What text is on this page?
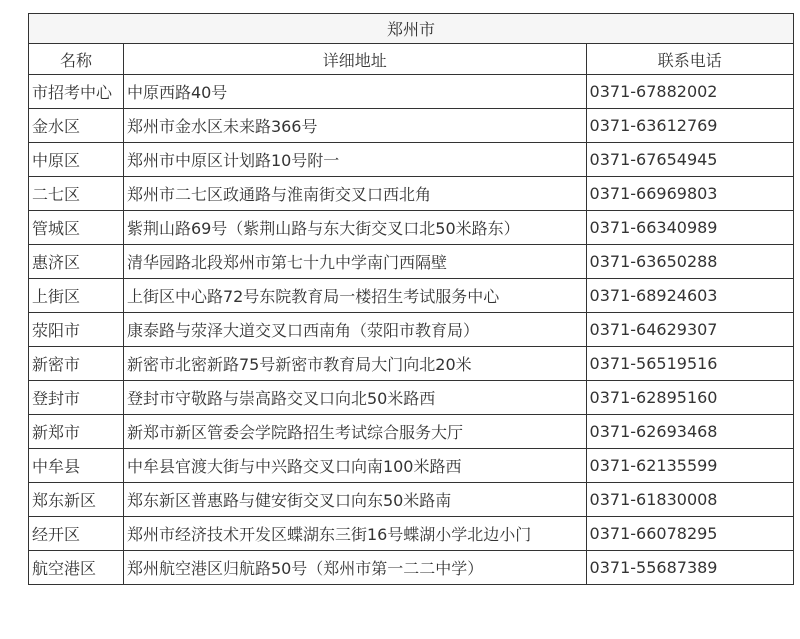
郑州市		
名称	详细地址	联系电话
市招考中心	中原西路40号	0371-67882002
金水区	郑州市金水区未来路366号	0371-63612769
中原区	郑州市中原区计划路10号附一	0371-67654945
二七区	郑州市二七区政通路与淮南街交叉口西北角	0371-66969803
管城区	紫荆山路69号（紫荆山路与东大街交叉口北50米路东）	0371-66340989
惠济区	清华园路北段郑州市第七十九中学南门西隔壁	0371-63650288
上街区	上街区中心路72号东院教育局一楼招生考试服务中心	0371-68924603
荥阳市	康泰路与荥泽大道交叉口西南角（荥阳市教育局）	0371-64629307
新密市	新密市北密新路75号新密市教育局大门向北20米	0371-56519516
登封市	登封市守敬路与崇高路交叉口向北50米路西	0371-62895160
新郑市	新郑市新区管委会学院路招生考试综合服务大厅	0371-62693468
中牟县	中牟县官渡大街与中兴路交叉口向南100米路西	0371-62135599
郑东新区	郑东新区普惠路与健安街交叉口向东50米路南	0371-61830008
经开区	郑州市经济技术开发区蝶湖东三街16号蝶湖小学北边小门	0371-66078295
航空港区	郑州航空港区归航路50号（郑州市第一二二中学）	0371-55687389
